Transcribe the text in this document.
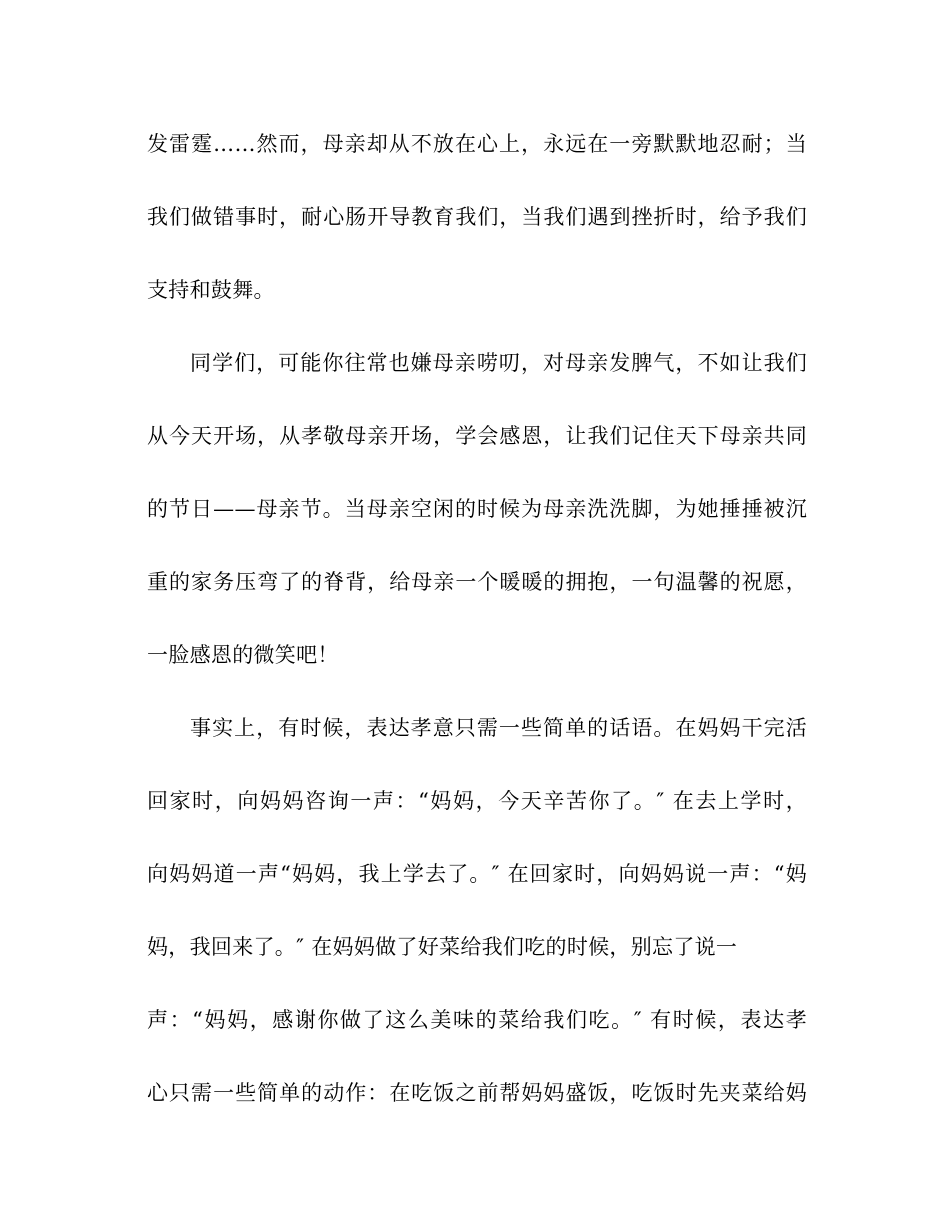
发雷霆……然而，母亲却从不放在心上，永远在一旁默默地忍耐；当
我们做错事时，耐心肠开导教育我们，当我们遇到挫折时，给予我们
支持和鼓舞。
同学们，可能你往常也嫌母亲唠叨，对母亲发脾气，不如让我们
从今天开场，从孝敬母亲开场，学会感恩，让我们记住天下母亲共同
的节日——母亲节。当母亲空闲的时候为母亲洗洗脚，为她捶捶被沉
重的家务压弯了的脊背，给母亲一个暖暖的拥抱，一句温馨的祝愿，
一脸感恩的微笑吧！
事实上，有时候，表达孝意只需一些简单的话语。在妈妈干完活
回家时，向妈妈咨询一声：“妈妈，今天辛苦你了。″ 在去上学时，
向妈妈道一声“妈妈，我上学去了。″ 在回家时，向妈妈说一声：“妈
妈，我回来了。″ 在妈妈做了好菜给我们吃的时候，别忘了说一
声：“妈妈，感谢你做了这么美味的菜给我们吃。″ 有时候，表达孝
心只需一些简单的动作：在吃饭之前帮妈妈盛饭，吃饭时先夹菜给妈
